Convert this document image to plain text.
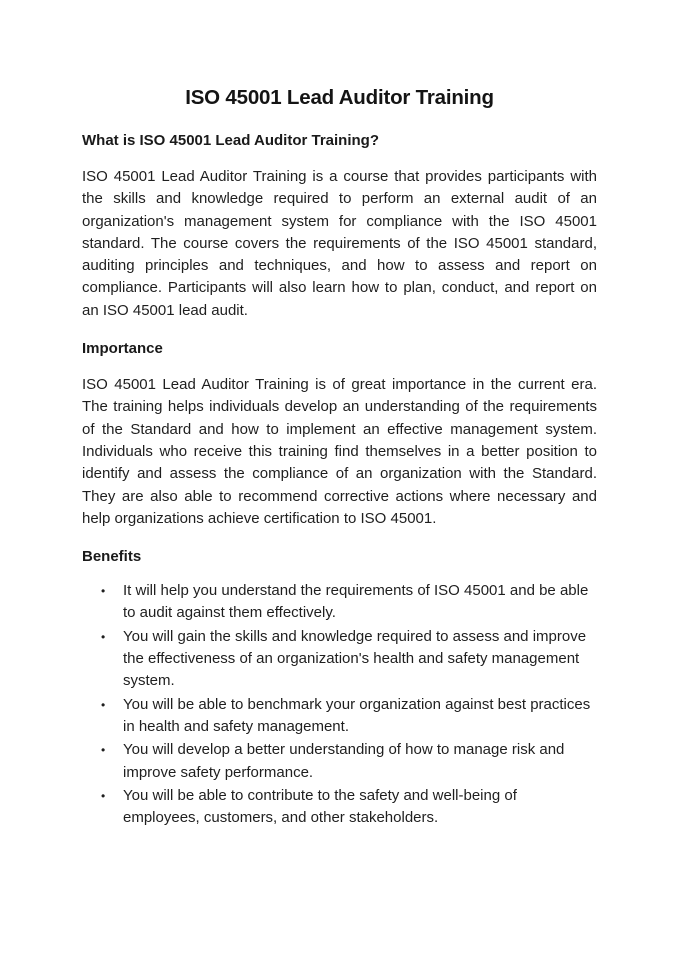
ISO 45001 Lead Auditor Training
What is ISO 45001 Lead Auditor Training?

ISO 45001 Lead Auditor Training is a course that provides participants with the skills and knowledge required to perform an external audit of an organization's management system for compliance with the ISO 45001 standard. The course covers the requirements of the ISO 45001 standard, auditing principles and techniques, and how to assess and report on compliance. Participants will also learn how to plan, conduct, and report on an ISO 45001 lead audit.

Importance

ISO 45001 Lead Auditor Training is of great importance in the current era. The training helps individuals develop an understanding of the requirements of the Standard and how to implement an effective management system. Individuals who receive this training find themselves in a better position to identify and assess the compliance of an organization with the Standard. They are also able to recommend corrective actions where necessary and help organizations achieve certification to ISO 45001.

Benefits
• It will help you understand the requirements of ISO 45001 and be able to audit against them effectively.
• You will gain the skills and knowledge required to assess and improve the effectiveness of an organization's health and safety management system.
• You will be able to benchmark your organization against best practices in health and safety management.
• You will develop a better understanding of how to manage risk and improve safety performance.
• You will be able to contribute to the safety and well-being of employees, customers, and other stakeholders.
